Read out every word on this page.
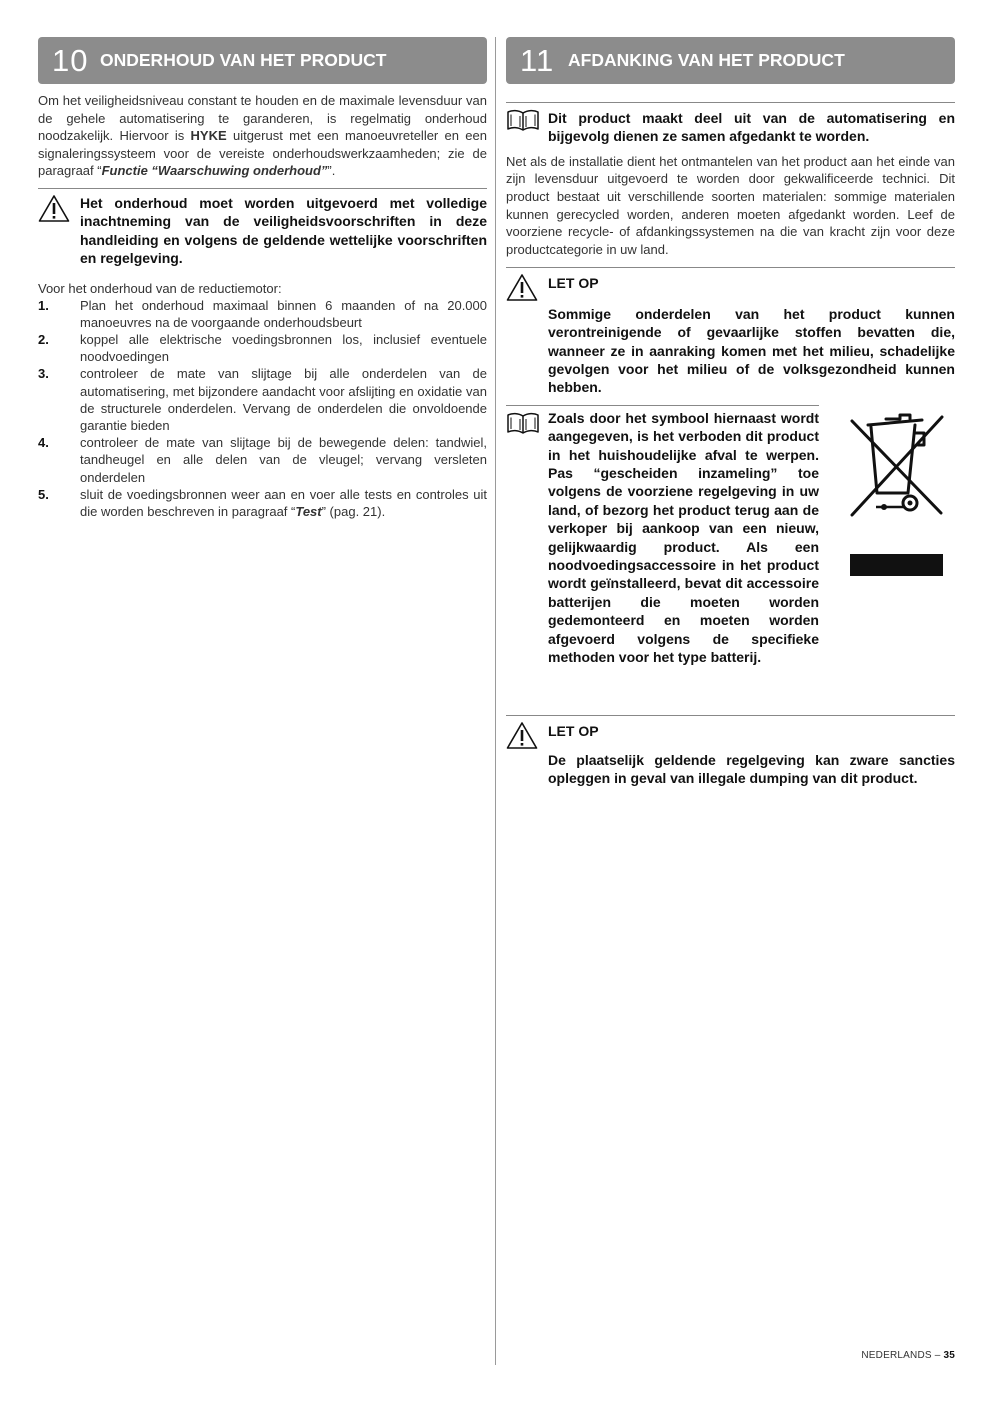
10 ONDERHOUD VAN HET PRODUCT

Om het veiligheidsniveau constant te houden en de maximale levensduur van de gehele automatisering te garanderen, is regelmatig onderhoud noodzakelijk. Hiervoor is HYKE uitgerust met een manoeuvreteller en een signaleringssysteem voor de vereiste onderhoudswerkzaamheden; zie de paragraaf “Functie “Waarschuwing onderhoud””.

Het onderhoud moet worden uitgevoerd met volledige inachtneming van de veiligheidsvoorschriften in deze handleiding en volgens de geldende wettelijke voorschriften en regelgeving.

Voor het onderhoud van de reductiemotor:

1.	Plan het onderhoud maximaal binnen 6 maanden of na 20.000 manoeuvres na de voorgaande onderhoudsbeurt
2.	koppel alle elektrische voedingsbronnen los, inclusief eventuele noodvoedingen
3.	controleer de mate van slijtage bij alle onderdelen van de automatisering, met bijzondere aandacht voor afslijting en oxidatie van de structurele onderdelen. Vervang de onderdelen die onvoldoende garantie bieden
4.	controleer de mate van slijtage bij de bewegende delen: tandwiel, tandheugel en alle delen van de vleugel; vervang versleten onderdelen
5.	sluit de voedingsbronnen weer aan en voer alle tests en controles uit die worden beschreven in paragraaf “Test” (pag. 21).
11 AFDANKING VAN HET PRODUCT

Dit product maakt deel uit van de automatisering en bijgevolg dienen ze samen afgedankt te worden.

Net als de installatie dient het ontmantelen van het product aan het einde van zijn levensduur uitgevoerd te worden door gekwalificeerde technici. Dit product bestaat uit verschillende soorten materialen: sommige materialen kunnen gerecycled worden, anderen moeten afgedankt worden. Leef de voorziene recycle- of afdankingssystemen na die van kracht zijn voor deze productcategorie in uw land.

LET OP

Sommige onderdelen van het product kunnen verontreinigende of gevaarlijke stoffen bevatten die, wanneer ze in aanraking komen met het milieu, schadelijke gevolgen voor het milieu of de volksgezondheid kunnen hebben.

Zoals door het symbool hiernaast wordt aangegeven, is het verboden dit product in het huishoudelijke afval te werpen. Pas “gescheiden inzameling” toe volgens de voorziene regelgeving in uw land, of bezorg het product terug aan de verkoper bij aankoop van een nieuw, gelijkwaardig product. Als een noodvoedingsaccessoire in het product wordt geïnstalleerd, bevat dit accessoire batterijen die moeten worden gedemonteerd en moeten worden afgevoerd volgens de specifieke methoden voor het type batterij.

LET OP

De plaatselijk geldende regelgeving kan zware sancties opleggen in geval van illegale dumping van dit product.

NEDERLANDS – 35
